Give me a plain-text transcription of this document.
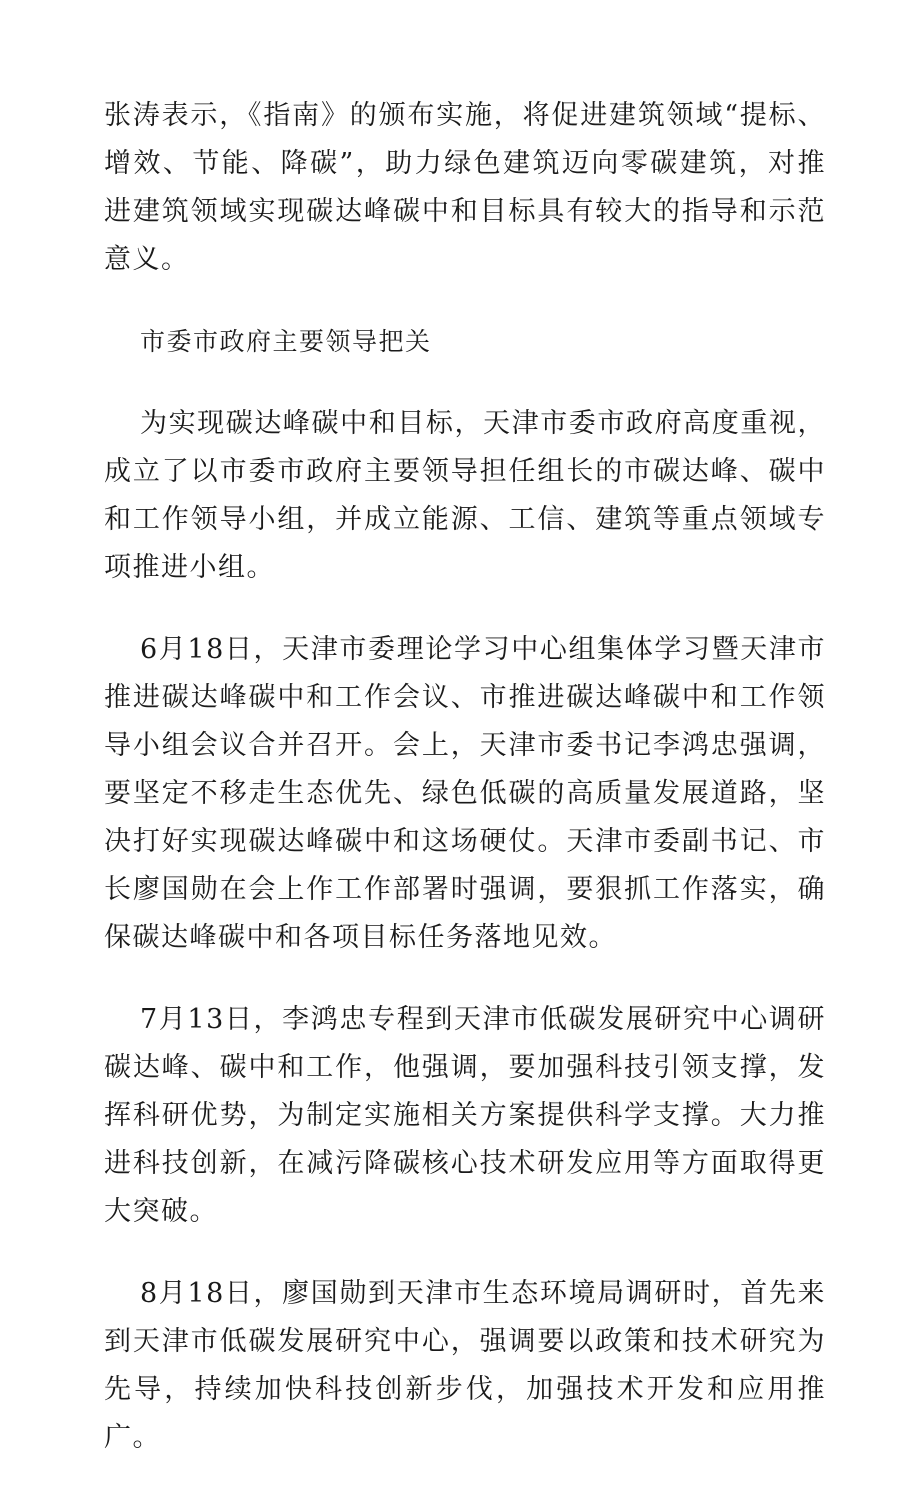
张涛表示，《指南》的颁布实施，将促进建筑领域“提标、增效、节能、降碳”，助力绿色建筑迈向零碳建筑，对推进建筑领域实现碳达峰碳中和目标具有较大的指导和示范意义。

市委市政府主要领导把关

为实现碳达峰碳中和目标，天津市委市政府高度重视，成立了以市委市政府主要领导担任组长的市碳达峰、碳中和工作领导小组，并成立能源、工信、建筑等重点领域专项推进小组。

6月18日，天津市委理论学习中心组集体学习暨天津市推进碳达峰碳中和工作会议、市推进碳达峰碳中和工作领导小组会议合并召开。会上，天津市委书记李鸿忠强调，要坚定不移走生态优先、绿色低碳的高质量发展道路，坚决打好实现碳达峰碳中和这场硬仗。天津市委副书记、市长廖国勋在会上作工作部署时强调，要狠抓工作落实，确保碳达峰碳中和各项目标任务落地见效。

7月13日，李鸿忠专程到天津市低碳发展研究中心调研碳达峰、碳中和工作，他强调，要加强科技引领支撑，发挥科研优势，为制定实施相关方案提供科学支撑。大力推进科技创新，在减污降碳核心技术研发应用等方面取得更大突破。

8月18日，廖国勋到天津市生态环境局调研时，首先来到天津市低碳发展研究中心，强调要以政策和技术研究为先导，持续加快科技创新步伐，加强技术开发和应用推广。
